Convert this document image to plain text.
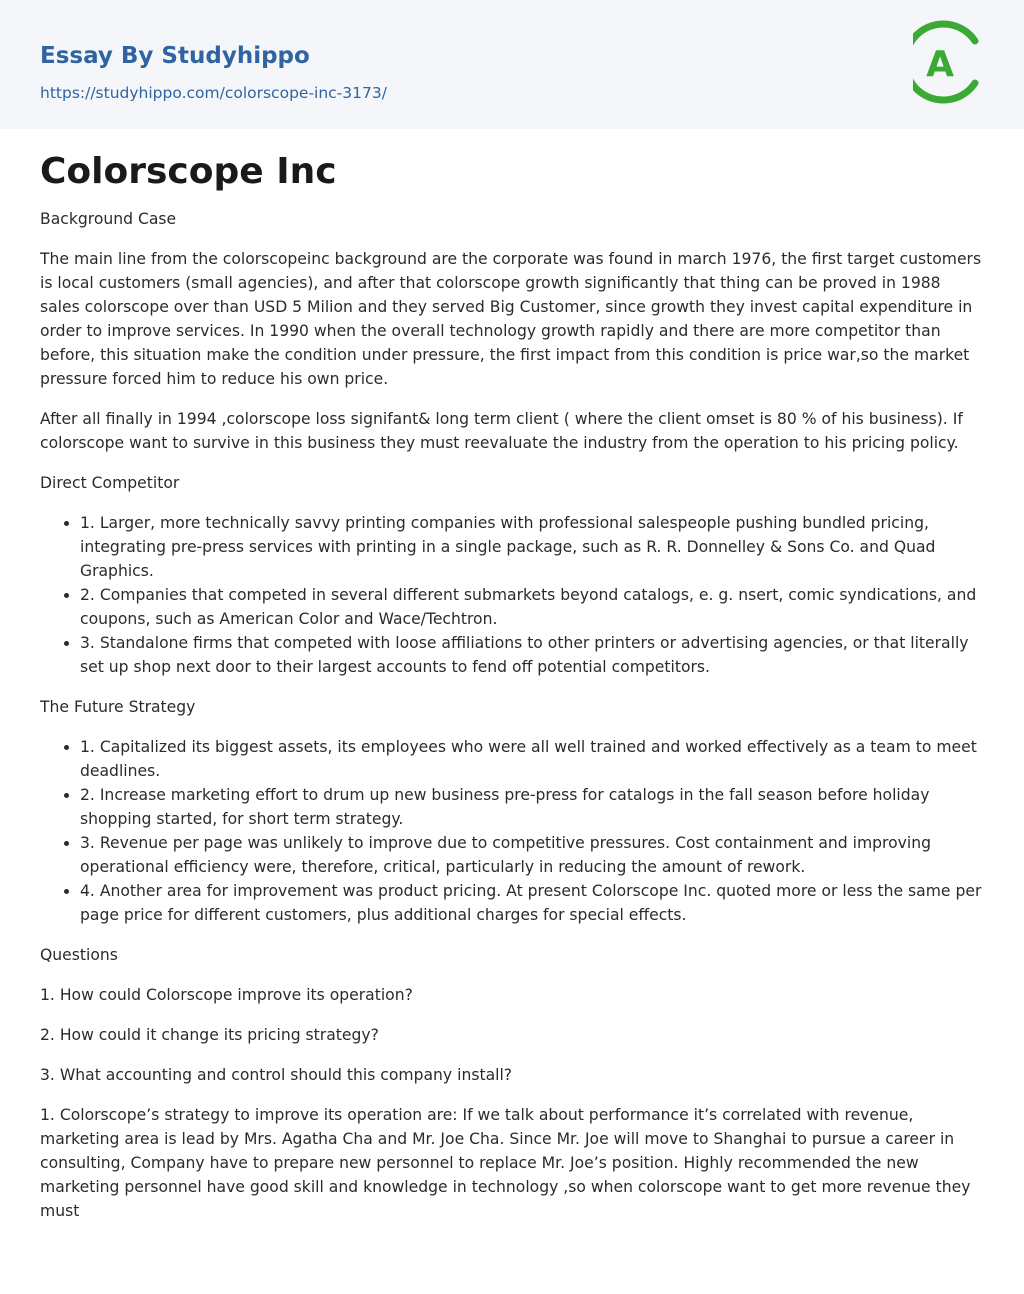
Essay By Studyhippo
https://studyhippo.com/colorscope-inc-3173/
A
Colorscope Inc

Background Case

The main line from the colorscopeinc background are the corporate was found in march 1976, the first target customers is local customers (small agencies), and after that colorscope growth significantly that thing can be proved in 1988 sales colorscope over than USD 5 Milion and they served Big Customer, since growth they invest capital expenditure in order to improve services. In 1990 when the overall technology growth rapidly and there are more competitor than before, this situation make the condition under pressure, the first impact from this condition is price war,so the market pressure forced him to reduce his own price.

After all finally in 1994 ,colorscope loss signifant& long term client ( where the client omset is 80 % of his business). If colorscope want to survive in this business they must reevaluate the industry from the operation to his pricing policy.

Direct Competitor

• 1. Larger, more technically savvy printing companies with professional salespeople pushing bundled pricing, integrating pre-press services with printing in a single package, such as R. R. Donnelley & Sons Co. and Quad Graphics.
• 2. Companies that competed in several different submarkets beyond catalogs, e. g. nsert, comic syndications, and coupons, such as American Color and Wace/Techtron.
• 3. Standalone firms that competed with loose affiliations to other printers or advertising agencies, or that literally set up shop next door to their largest accounts to fend off potential competitors.

The Future Strategy

• 1. Capitalized its biggest assets, its employees who were all well trained and worked effectively as a team to meet deadlines.
• 2. Increase marketing effort to drum up new business pre-press for catalogs in the fall season before holiday shopping started, for short term strategy.
• 3. Revenue per page was unlikely to improve due to competitive pressures. Cost containment and improving operational efficiency were, therefore, critical, particularly in reducing the amount of rework.
• 4. Another area for improvement was product pricing. At present Colorscope Inc. quoted more or less the same per page price for different customers, plus additional charges for special effects.

Questions

1. How could Colorscope improve its operation?

2. How could it change its pricing strategy?

3. What accounting and control should this company install?

1. Colorscope’s strategy to improve its operation are: If we talk about performance it’s correlated with revenue, marketing area is lead by Mrs. Agatha Cha and Mr. Joe Cha. Since Mr. Joe will move to Shanghai to pursue a career in consulting, Company have to prepare new personnel to replace Mr. Joe’s position. Highly recommended the new marketing personnel have good skill and knowledge in technology ,so when colorscope want to get more revenue they must
